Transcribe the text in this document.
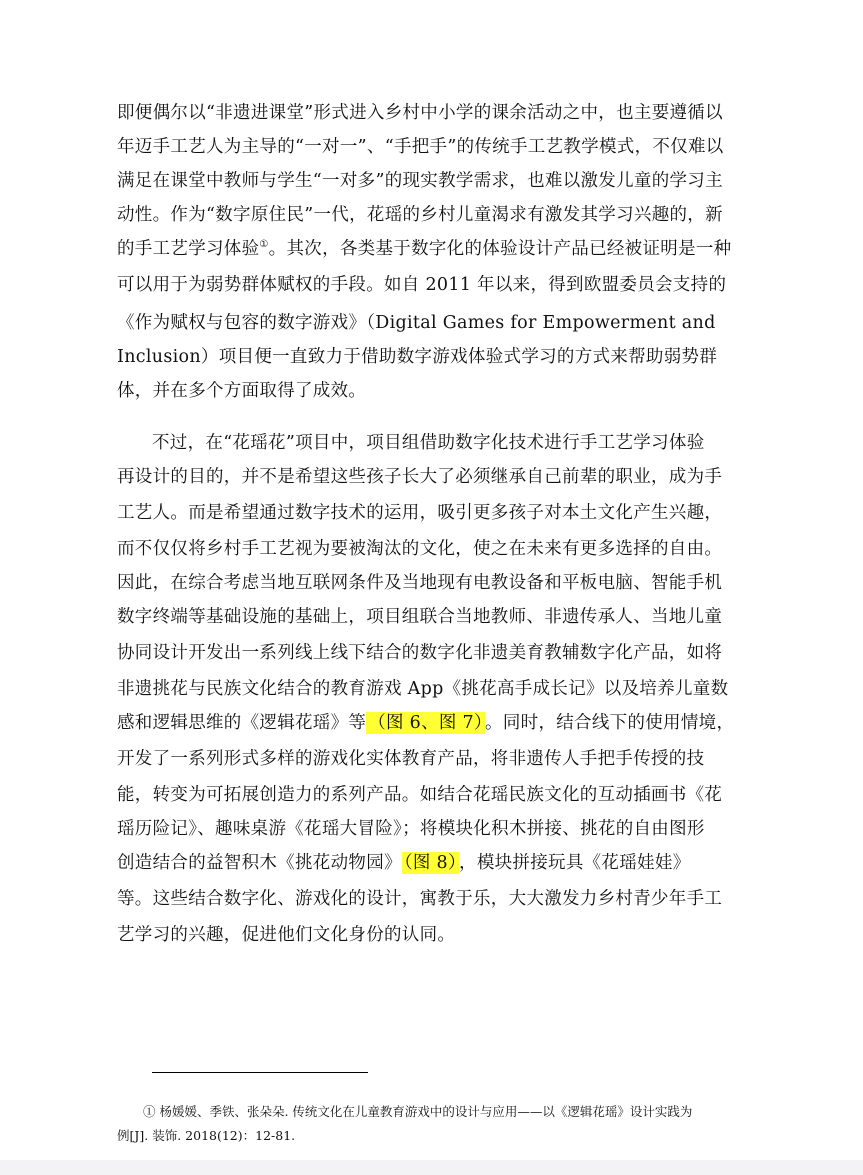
即便偶尔以“非遗进课堂”形式进入乡村中小学的课余活动之中，也主要遵循以
年迈手工艺人为主导的“一对一”、“手把手”的传统手工艺教学模式，不仅难以
满足在课堂中教师与学生“一对多”的现实教学需求，也难以激发儿童的学习主
动性。作为“数字原住民”一代，花瑶的乡村儿童渴求有激发其学习兴趣的，新
的手工艺学习体验①。其次，各类基于数字化的体验设计产品已经被证明是一种
可以用于为弱势群体赋权的手段。如自 2011 年以来，得到欧盟委员会支持的
《作为赋权与包容的数字游戏》（Digital Games for Empowerment and
Inclusion）项目便一直致力于借助数字游戏体验式学习的方式来帮助弱势群
体，并在多个方面取得了成效。
不过，在“花瑶花”项目中，项目组借助数字化技术进行手工艺学习体验
再设计的目的，并不是希望这些孩子长大了必须继承自己前辈的职业，成为手
工艺人。而是希望通过数字技术的运用，吸引更多孩子对本土文化产生兴趣，
而不仅仅将乡村手工艺视为要被淘汰的文化，使之在未来有更多选择的自由。
因此，在综合考虑当地互联网条件及当地现有电教设备和平板电脑、智能手机
数字终端等基础设施的基础上，项目组联合当地教师、非遗传承人、当地儿童
协同设计开发出一系列线上线下结合的数字化非遗美育教辅数字化产品，如将
非遗挑花与民族文化结合的教育游戏 App《挑花高手成长记》以及培养儿童数
感和逻辑思维的《逻辑花瑶》等 （图 6、图 7） 。同时，结合线下的使用情境，
开发了一系列形式多样的游戏化实体教育产品，将非遗传人手把手传授的技
能，转变为可拓展创造力的系列产品。如结合花瑶民族文化的互动插画书《花
瑶历险记》、趣味桌游《花瑶大冒险》；将模块化积木拼接、挑花的自由图形
创造结合的益智积木《挑花动物园》 （图 8） ，模块拼接玩具《花瑶娃娃》
等。这些结合数字化、游戏化的设计，寓教于乐，大大激发力乡村青少年手工
艺学习的兴趣，促进他们文化身份的认同。
① 杨媛媛、季铁、张朵朵. 传统文化在儿童教育游戏中的设计与应用——以《逻辑花瑶》设计实践为
例[J]. 装饰. 2018(12)：12-81.
